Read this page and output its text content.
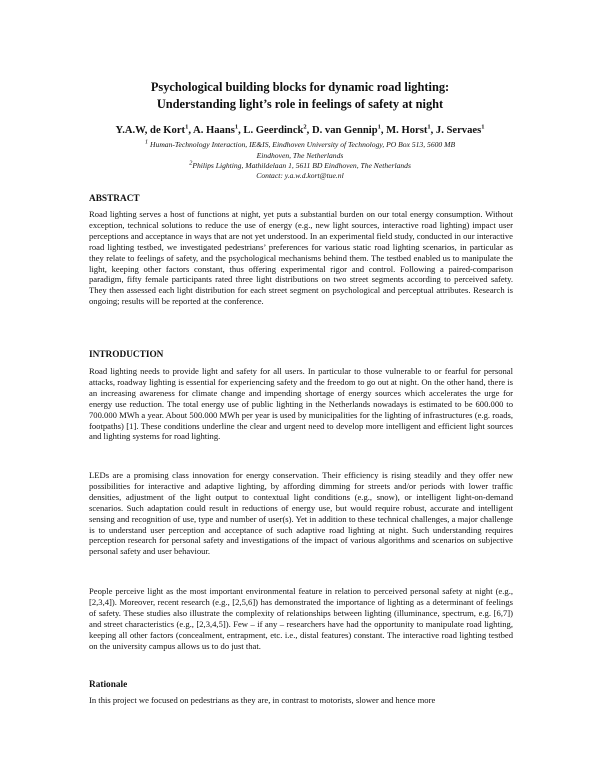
Psychological building blocks for dynamic road lighting:
Understanding light’s role in feelings of safety at night
Y.A.W, de Kort$^1$, A. Haans$^1$, L. Geerdinck$^2$, D. van Gennip$^1$, M. Horst$^1$, J. Servaes$^1$
$^1$ Human-Technology Interaction, IE&IS, Eindhoven University of Technology, PO Box 513, 5600 MB
Eindhoven, The Netherlands
$^2$Philips Lighting, Mathildelaan 1, 5611 BD Eindhoven, The Netherlands
Contact: y.a.w.d.kort@tue.nl
ABSTRACT

Road lighting serves a host of functions at night, yet puts a substantial burden on our total energy consumption. Without exception, technical solutions to reduce the use of energy (e.g., new light sources, interactive road lighting) impact user perceptions and acceptance in ways that are not yet understood. In an experimental field study, conducted in our interactive road lighting testbed, we investigated pedestrians’ preferences for various static road lighting scenarios, in particular as they relate to feelings of safety, and the psychological mechanisms behind them. The testbed enabled us to manipulate the light, keeping other factors constant, thus offering experimental rigor and control. Following a paired-comparison paradigm, fifty female participants rated three light distributions on two street segments according to perceived safety. They then assessed each light distribution for each street segment on psychological and perceptual attributes. Research is ongoing; results will be reported at the conference.

INTRODUCTION

Road lighting needs to provide light and safety for all users. In particular to those vulnerable to or fearful for personal attacks, roadway lighting is essential for experiencing safety and the freedom to go out at night. On the other hand, there is an increasing awareness for climate change and impending shortage of energy sources which accelerates the urge for energy use reduction. The total energy use of public lighting in the Netherlands nowadays is estimated to be 600.000 to 700.000 MWh a year. About 500.000 MWh per year is used by municipalities for the lighting of infrastructures (e.g. roads, footpaths) [1]. These conditions underline the clear and urgent need to develop more intelligent and efficient light sources and lighting systems for road lighting.

LEDs are a promising class innovation for energy conservation. Their efficiency is rising steadily and they offer new possibilities for interactive and adaptive lighting, by affording dimming for streets and/or periods with lower traffic densities, adjustment of the light output to contextual light conditions (e.g., snow), or intelligent light-on-demand scenarios. Such adaptation could result in reductions of energy use, but would require robust, accurate and intelligent sensing and recognition of use, type and number of user(s). Yet in addition to these technical challenges, a major challenge is to understand user perception and acceptance of such adaptive road lighting at night. Such understanding requires perception research for personal safety and investigations of the impact of various algorithms and scenarios on subjective personal safety and user behaviour.

People perceive light as the most important environmental feature in relation to perceived personal safety at night (e.g., [2,3,4]). Moreover, recent research (e.g., [2,5,6]) has demonstrated the importance of lighting as a determinant of feelings of safety. These studies also illustrate the complexity of relationships between lighting (illuminance, spectrum, e.g. [6,7]) and street characteristics (e.g., [2,3,4,5]). Few – if any – researchers have had the opportunity to manipulate road lighting, keeping all other factors (concealment, entrapment, etc. i.e., distal features) constant. The interactive road lighting testbed on the university campus allows us to do just that.

Rationale

In this project we focused on pedestrians as they are, in contrast to motorists, slower and hence more
